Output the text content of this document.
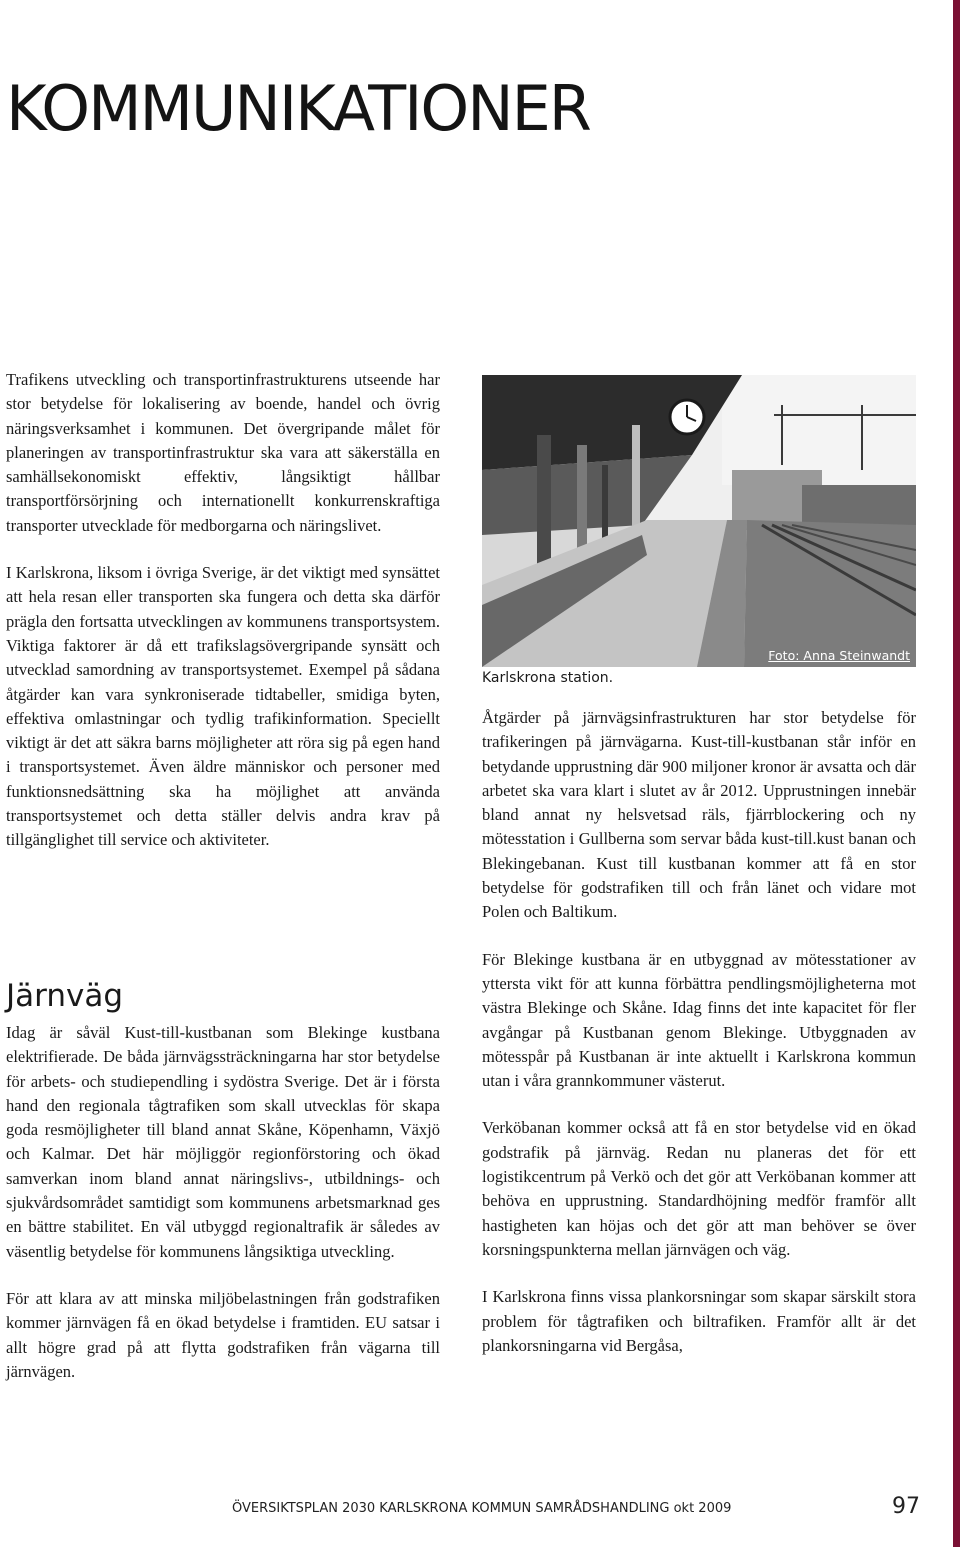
KOMMUNIKATIONER

Trafikens utveckling och transportinfrastrukturens utseende har stor betydelse för lokalisering av boende, handel och övrig näringsverksamhet i kommunen. Det övergripande målet för planeringen av transportinfrastruktur ska vara att säkerställa en samhällsekonomiskt effektiv, långsiktigt hållbar transportförsörjning och internationellt konkurrenskraftiga transporter utvecklade för medborgarna och näringslivet.

I Karlskrona, liksom i övriga Sverige, är det viktigt med synsättet att hela resan eller transporten ska fungera och detta ska därför prägla den fortsatta utvecklingen av kommunens transportsystem. Viktiga faktorer är då ett trafikslagsövergripande synsätt och utvecklad samordning av transportsystemet. Exempel på sådana åtgärder kan vara synkroniserade tidtabeller, smidiga byten, effektiva omlastningar och tydlig trafikinformation. Speciellt viktigt är det att säkra barns möjligheter att röra sig på egen hand i transportsystemet. Även äldre människor och personer med funktionsnedsättning ska ha möjlighet att använda transportsystemet och detta ställer delvis andra krav på tillgänglighet till service och aktiviteter.

Järnväg

Idag är såväl Kust-till-kustbanan som Blekinge kustbana elektrifierade. De båda järnvägssträckningarna har stor betydelse för arbets- och studiependling i sydöstra Sverige. Det är i första hand den regionala tågtrafiken som skall utvecklas för skapa goda resmöjligheter till bland annat Skåne, Köpenhamn, Växjö och Kalmar. Det här möjliggör regionförstoring och ökad samverkan inom bland annat näringslivs-, utbildnings- och sjukvårdsområdet samtidigt som kommunens arbetsmarknad ges en bättre stabilitet. En väl utbyggd regionaltrafik är således av väsentlig betydelse för kommunens långsiktiga utveckling.

För att klara av att minska miljöbelastningen från godstrafiken kommer järnvägen få en ökad betydelse i framtiden. EU satsar i allt högre grad på att flytta godstrafiken från vägarna till järnvägen.

Foto: Anna Steinwandt
Karlskrona station.

Åtgärder på järnvägsinfrastrukturen har stor betydelse för trafikeringen på järnvägarna. Kust-till-kustbanan står inför en betydande upprustning där 900 miljoner kronor är avsatta och där arbetet ska vara klart i slutet av år 2012. Upprustningen innebär bland annat ny helsvetsad räls, fjärrblockering och ny mötesstation i Gullberna som servar båda kust-till.kust banan och Blekingebanan. Kust till kustbanan kommer att få en stor betydelse för godstrafiken till och från länet och vidare mot Polen och Baltikum.

För Blekinge kustbana är en utbyggnad av mötesstationer av yttersta vikt för att kunna förbättra pendlingsmöjligheterna mot västra Blekinge och Skåne. Idag finns det inte kapacitet för fler avgångar på Kustbanan genom Blekinge. Utbyggnaden av mötesspår på Kustbanan är inte aktuellt i Karlskrona kommun utan i våra grannkommuner västerut.

Verköbanan kommer också att få en stor betydelse vid en ökad godstrafik på järnväg. Redan nu planeras det för ett logistikcentrum på Verkö och det gör att Verköbanan kommer att behöva en upprustning. Standardhöjning medför framför allt hastigheten kan höjas och det gör att man behöver se över korsningspunkterna mellan järnvägen och väg.

I Karlskrona finns vissa plankorsningar som skapar särskilt stora problem för tågtrafiken och biltrafiken. Framför allt är det plankorsningarna vid Bergåsa,

ÖVERSIKTSPLAN 2030 KARLSKRONA KOMMUN SAMRÅDSHANDLING okt 2009	97
